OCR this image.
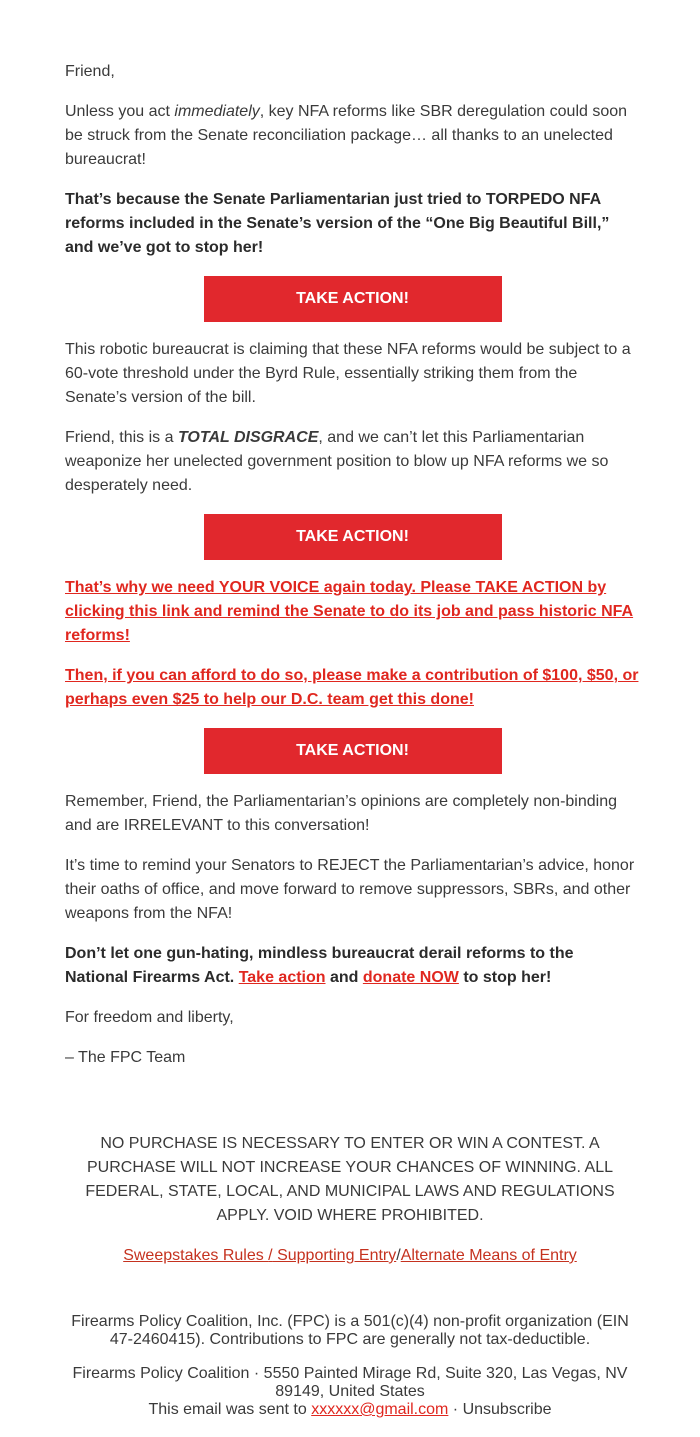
Friend,

Unless you act immediately, key NFA reforms like SBR deregulation could soon be struck from the Senate reconciliation package… all thanks to an unelected bureaucrat!

That’s because the Senate Parliamentarian just tried to TORPEDO NFA reforms included in the Senate’s version of the “One Big Beautiful Bill,” and we’ve got to stop her!

TAKE ACTION!

This robotic bureaucrat is claiming that these NFA reforms would be subject to a 60-vote threshold under the Byrd Rule, essentially striking them from the Senate’s version of the bill.

Friend, this is a TOTAL DISGRACE, and we can’t let this Parliamentarian weaponize her unelected government position to blow up NFA reforms we so desperately need.

TAKE ACTION!

That’s why we need YOUR VOICE again today. Please TAKE ACTION by clicking this link and remind the Senate to do its job and pass historic NFA reforms!

Then, if you can afford to do so, please make a contribution of $100, $50, or perhaps even $25 to help our D.C. team get this done!

TAKE ACTION!

Remember, Friend, the Parliamentarian’s opinions are completely non-binding and are IRRELEVANT to this conversation!

It’s time to remind your Senators to REJECT the Parliamentarian’s advice, honor their oaths of office, and move forward to remove suppressors, SBRs, and other weapons from the NFA!

Don’t let one gun-hating, mindless bureaucrat derail reforms to the National Firearms Act. Take action and donate NOW to stop her!

For freedom and liberty,

– The FPC Team

NO PURCHASE IS NECESSARY TO ENTER OR WIN A CONTEST. A PURCHASE WILL NOT INCREASE YOUR CHANCES OF WINNING. ALL FEDERAL, STATE, LOCAL, AND MUNICIPAL LAWS AND REGULATIONS APPLY. VOID WHERE PROHIBITED.
Sweepstakes Rules / Supporting Entry/Alternate Means of Entry
Firearms Policy Coalition, Inc. (FPC) is a 501(c)(4) non-profit organization (EIN 47-2460415). Contributions to FPC are generally not tax-deductible.
Firearms Policy Coalition · 5550 Painted Mirage Rd, Suite 320, Las Vegas, NV 89149, United States
This email was sent to xxxxxx@gmail.com · Unsubscribe
